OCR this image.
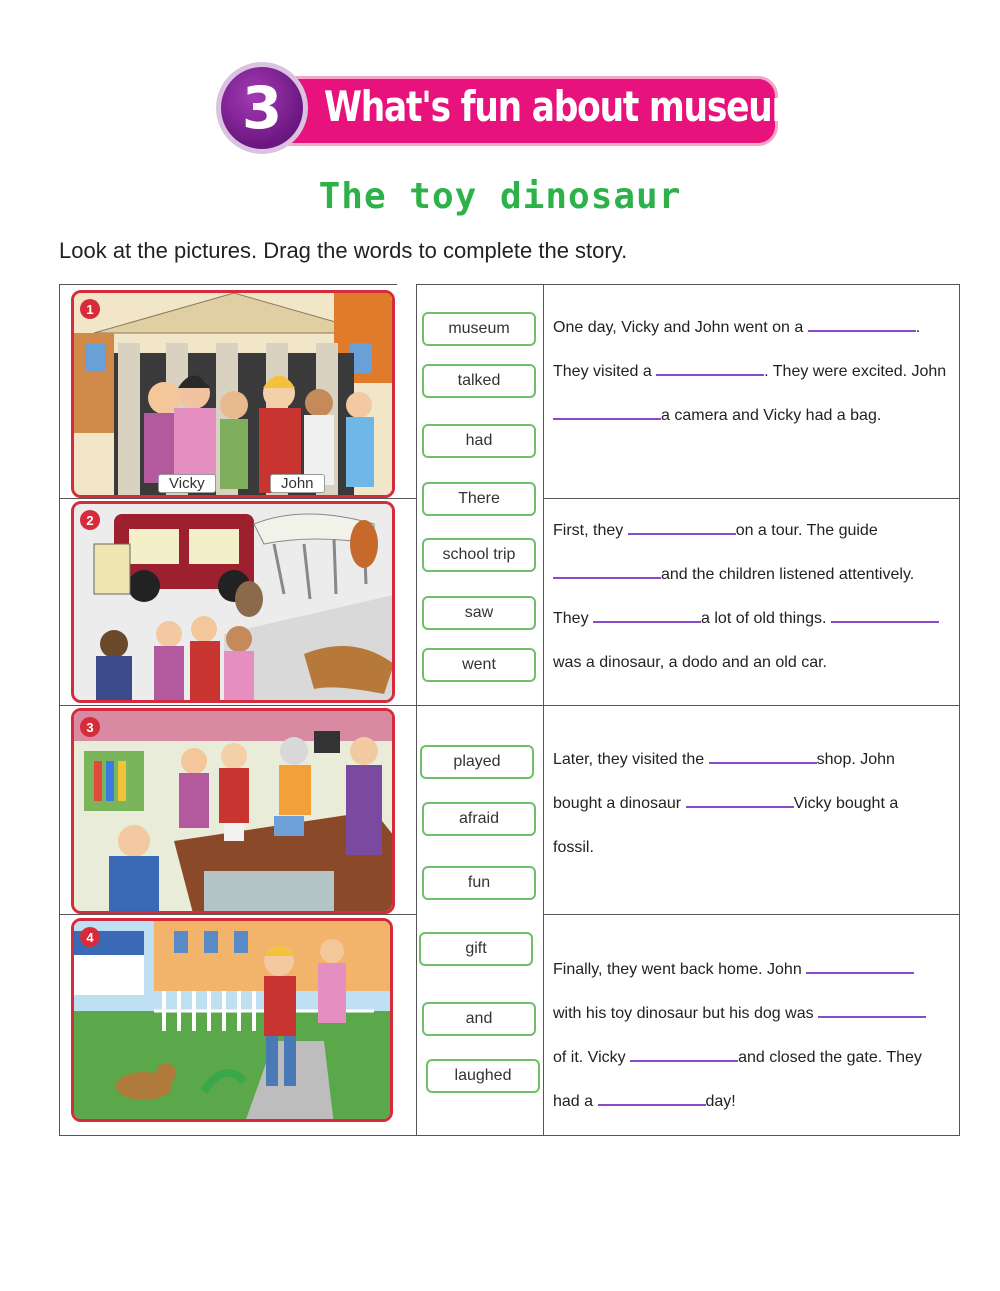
3 What's fun about museums?
The toy dinosaur
Look at the pictures. Drag the words to complete the story.
1
Vicky	John
2
3
4
museum
talked
had
There
school trip
saw
went
played
afraid
fun
gift
and
laughed
One day, Vicky and John went on a	.
They visited a	. They were excited. John
a camera and Vicky had a bag.
First, they	on a tour. The guide
and the children listened attentively.
They	a lot of old things.
was a dinosaur, a dodo and an old car.
Later, they visited the	shop. John
bought a dinosaur	Vicky bought a
fossil.
Finally, they went back home. John
with his toy dinosaur but his dog was
of it. Vicky	and closed the gate. They
had a	day!
